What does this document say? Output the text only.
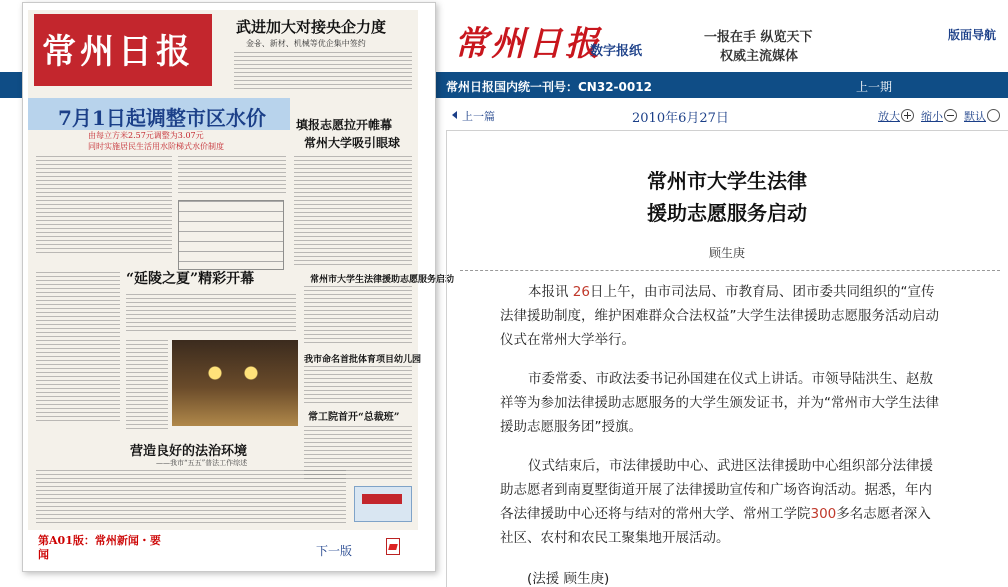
常州日报
数字报纸
一报在手 纵览天下
权威主流媒体
版面导航
常州日报国内统一刊号：CN32-0012	上一期
常州日报
武进加大对接央企力度
金융、新材、机械等优企集中签约
7月1日起调整市区水价
由每立方米2.57元调整为3.07元
同时实施居民生活用水阶梯式水价制度
填报志愿拉开帷幕
常州大学吸引眼球
“延陵之夏”精彩开幕	常州市大学生法律援助志愿服务启动
我市命名首批体育项目幼儿园
常工院首开“总裁班”
营造良好的法治环境
——我市“五五”普法工作综述
第A01版：常州新闻・要闻	下一版
上一篇	2010年6月27日	放大	缩小	默认
常州市大学生法律
援助志愿服务启动
顾生庚
本报讯 26日上午，由市司法局、市教育局、团市委共同组织的“宣传法律援助制度，维护困难群众合法权益”大学生法律援助志愿服务活动启动仪式在常州大学举行。
市委常委、市政法委书记孙国建在仪式上讲话。市领导陆洪生、赵敖祥等为参加法律援助志愿服务的大学生颁发证书，并为“常州市大学生法律援助志愿服务团”授旗。
仪式结束后，市法律援助中心、武进区法律援助中心组织部分法律援助志愿者到南夏墅街道开展了法律援助宣传和广场咨询活动。据悉，年内各法律援助中心还将与结对的常州大学、常州工学院300多名志愿者深入社区、农村和农民工聚集地开展活动。
(法援 顾生庚)
